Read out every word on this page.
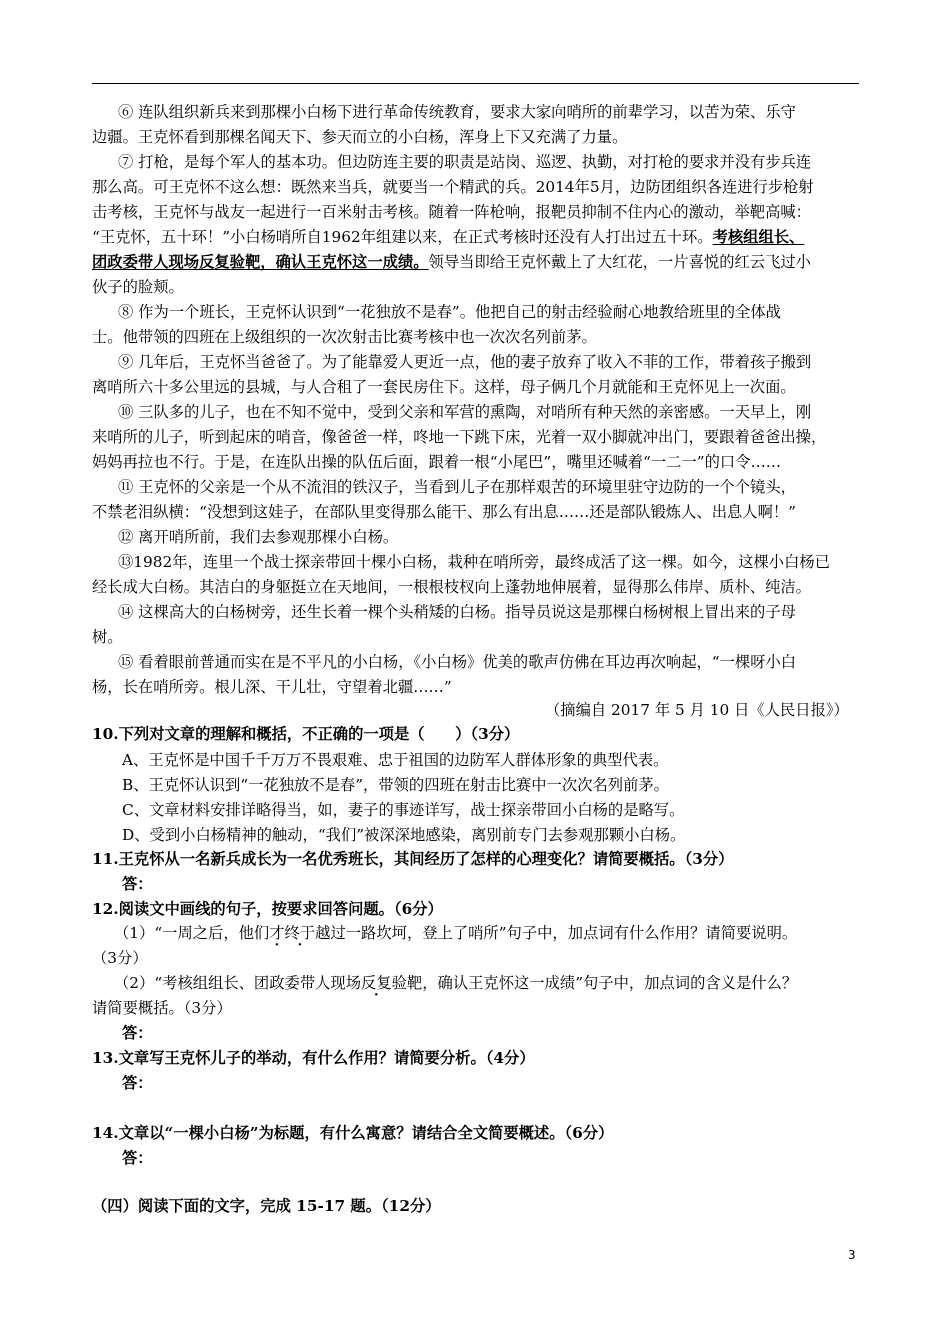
⑥ 连队组织新兵来到那棵小白杨下进行革命传统教育，要求大家向哨所的前辈学习，以苦为荣、乐守
边疆。王克怀看到那棵名闻天下、参天而立的小白杨，浑身上下又充满了力量。
⑦ 打枪，是每个军人的基本功。但边防连主要的职责是站岗、巡逻、执勤，对打枪的要求并没有步兵连
那么高。可王克怀不这么想：既然来当兵，就要当一个精武的兵。2014年5月，边防团组织各连进行步枪射
击考核，王克怀与战友一起进行一百米射击考核。随着一阵枪响，报靶员抑制不住内心的激动，举靶高喊：
“王克怀，五十环！”小白杨哨所自1962年组建以来，在正式考核时还没有人打出过五十环。考核组组长、
团政委带人现场反复验靶，确认王克怀这一成绩。领导当即给王克怀戴上了大红花，一片喜悦的红云飞过小
伙子的脸颊。
⑧ 作为一个班长，王克怀认识到“一花独放不是春”。他把自己的射击经验耐心地教给班里的全体战
士。他带领的四班在上级组织的一次次射击比赛考核中也一次次名列前茅。
⑨ 几年后，王克怀当爸爸了。为了能靠爱人更近一点，他的妻子放弃了收入不菲的工作，带着孩子搬到
离哨所六十多公里远的县城，与人合租了一套民房住下。这样，母子俩几个月就能和王克怀见上一次面。
⑩ 三队多的儿子，也在不知不觉中，受到父亲和军营的熏陶，对哨所有种天然的亲密感。一天早上，刚
来哨所的儿子，听到起床的哨音，像爸爸一样，咚地一下跳下床，光着一双小脚就冲出门，要跟着爸爸出操，
妈妈再拉也不行。于是，在连队出操的队伍后面，跟着一根“小尾巴”，嘴里还喊着“一二一”的口令……
⑪ 王克怀的父亲是一个从不流泪的铁汉子，当看到儿子在那样艰苦的环境里驻守边防的一个个镜头，
不禁老泪纵横：“没想到这娃子，在部队里变得那么能干、那么有出息……还是部队锻炼人、出息人啊！”
⑫ 离开哨所前，我们去参观那棵小白杨。
⑬1982年，连里一个战士探亲带回十棵小白杨，栽种在哨所旁，最终成活了这一棵。如今，这棵小白杨已
经长成大白杨。其洁白的身躯挺立在天地间，一根根枝杈向上蓬勃地伸展着，显得那么伟岸、质朴、纯洁。
⑭ 这棵高大的白杨树旁，还生长着一棵个头稍矮的白杨。指导员说这是那棵白杨树根上冒出来的子母
树。
⑮ 看着眼前普通而实在是不平凡的小白杨，《小白杨》优美的歌声仿佛在耳边再次响起，“一棵呀小白
杨，长在哨所旁。根儿深、干儿壮，守望着北疆……”
（摘编自 2017 年 5 月 10 日《人民日报》）
10.下列对文章的理解和概括，不正确的一项是（　　）（3分）
A、王克怀是中国千千万万不畏艰难、忠于祖国的边防军人群体形象的典型代表。
B、王克怀认识到“一花独放不是春”，带领的四班在射击比赛中一次次名列前茅。
C、文章材料安排详略得当，如，妻子的事迹详写，战士探亲带回小白杨的是略写。
D、受到小白杨精神的触动，“我们”被深深地感染，离别前专门去参观那颗小白杨。
11.王克怀从一名新兵成长为一名优秀班长，其间经历了怎样的心理变化？请简要概括。（3分）
答：
12.阅读文中画线的句子，按要求回答问题。（6分）
（1）“一周之后，他们才终于越过一路坎坷，登上了哨所”句子中，加点词有什么作用？请简要说明。
（3分）
（2）“考核组组长、团政委带人现场反复验靶，确认王克怀这一成绩”句子中，加点词的含义是什么？
请简要概括。（3分）
答：
13.文章写王克怀儿子的举动，有什么作用？请简要分析。（4分）
答：
14.文章以“一棵小白杨”为标题，有什么寓意？请结合全文简要概述。（6分）
答：
（四）阅读下面的文字，完成 15-17 题。（12分）
3
